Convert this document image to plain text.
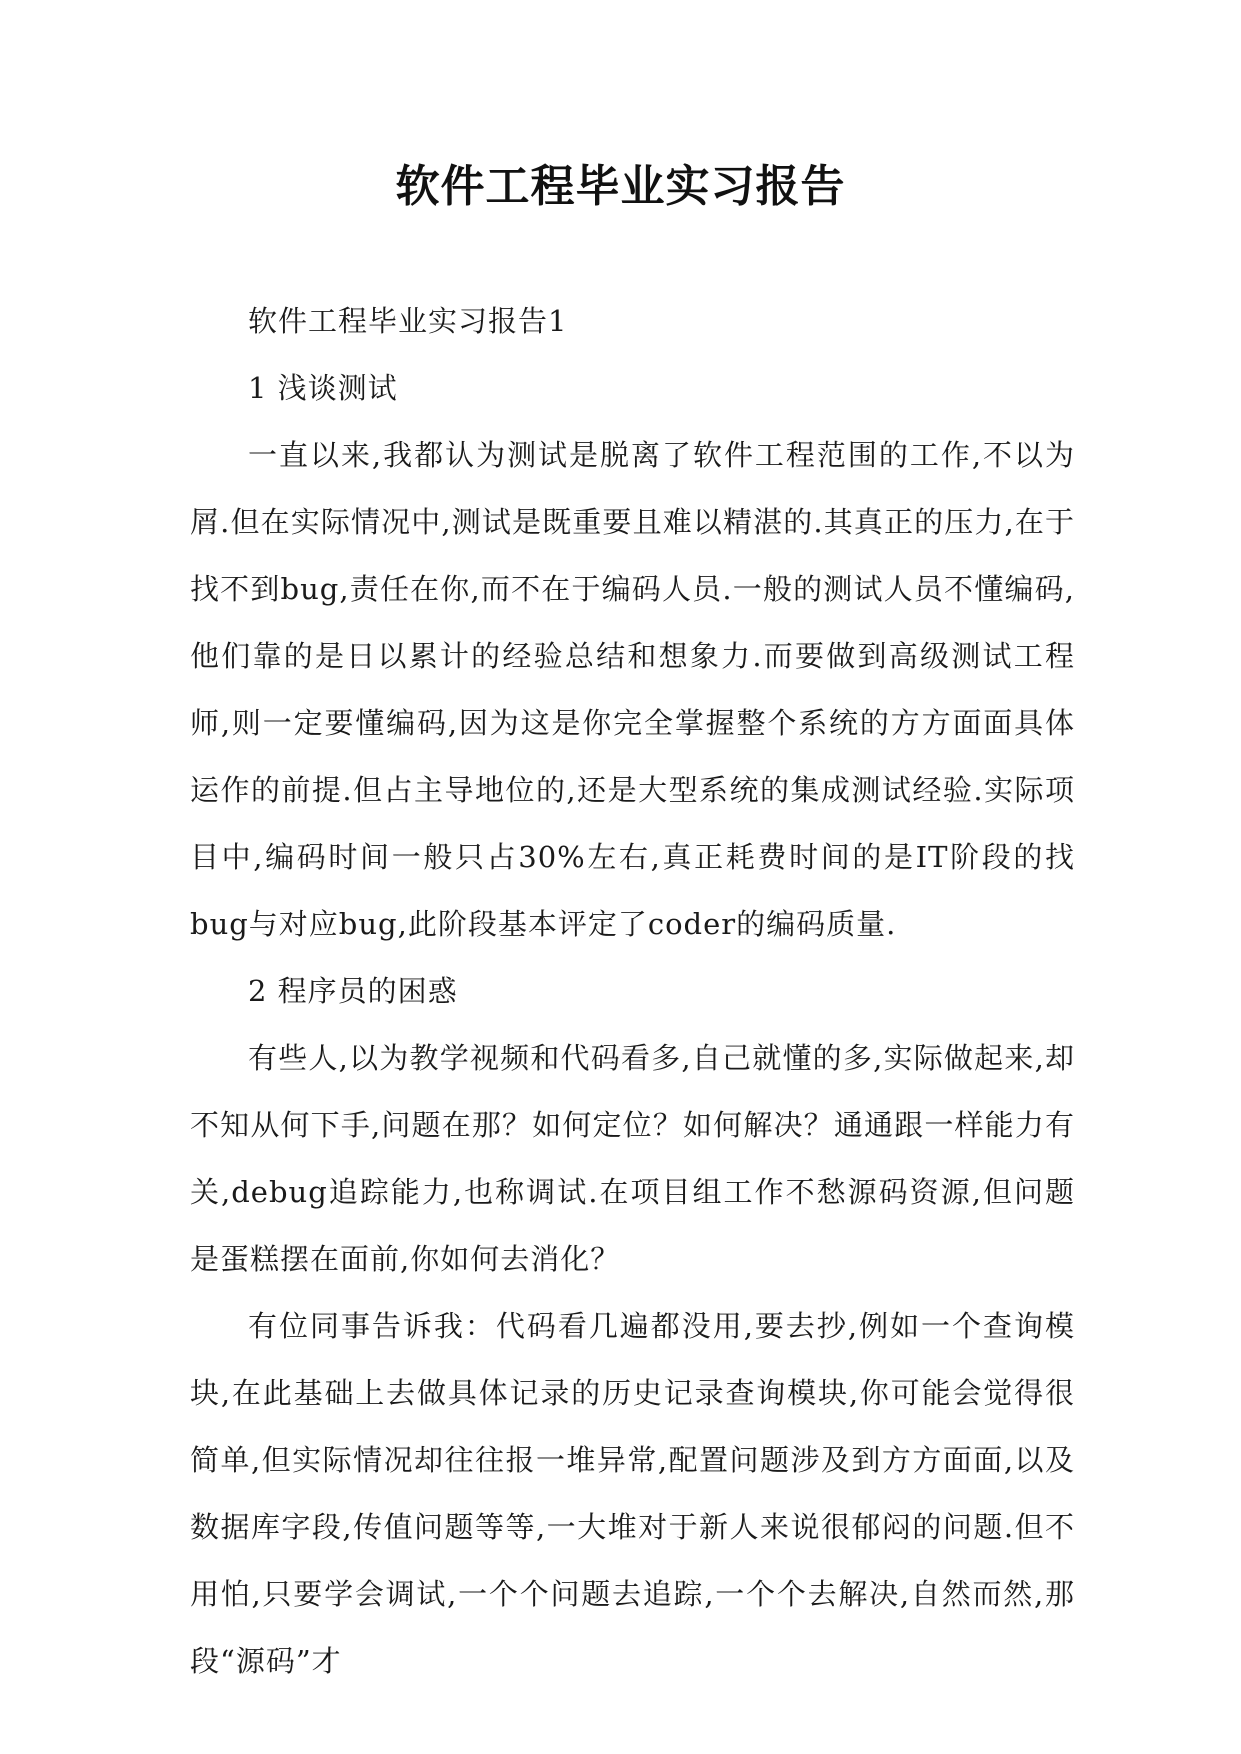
软件工程毕业实习报告

软件工程毕业实习报告1

1 浅谈测试

一直以来,我都认为测试是脱离了软件工程范围的工作,不以为屑.但在实际情况中,测试是既重要且难以精湛的.其真正的压力,在于找不到bug,责任在你,而不在于编码人员.一般的测试人员不懂编码,他们靠的是日以累计的经验总结和想象力.而要做到高级测试工程师,则一定要懂编码,因为这是你完全掌握整个系统的方方面面具体运作的前提.但占主导地位的,还是大型系统的集成测试经验.实际项目中,编码时间一般只占30%左右,真正耗费时间的是IT阶段的找bug与对应bug,此阶段基本评定了coder的编码质量.

2 程序员的困惑

有些人,以为教学视频和代码看多,自己就懂的多,实际做起来,却不知从何下手,问题在那？如何定位？如何解决？通通跟一样能力有关,debug追踪能力,也称调试.在项目组工作不愁源码资源,但问题是蛋糕摆在面前,你如何去消化？

有位同事告诉我：代码看几遍都没用,要去抄,例如一个查询模块,在此基础上去做具体记录的历史记录查询模块,你可能会觉得很简单,但实际情况却往往报一堆异常,配置问题涉及到方方面面,以及数据库字段,传值问题等等,一大堆对于新人来说很郁闷的问题.但不用怕,只要学会调试,一个个问题去追踪,一个个去解决,自然而然,那段“源码”才
